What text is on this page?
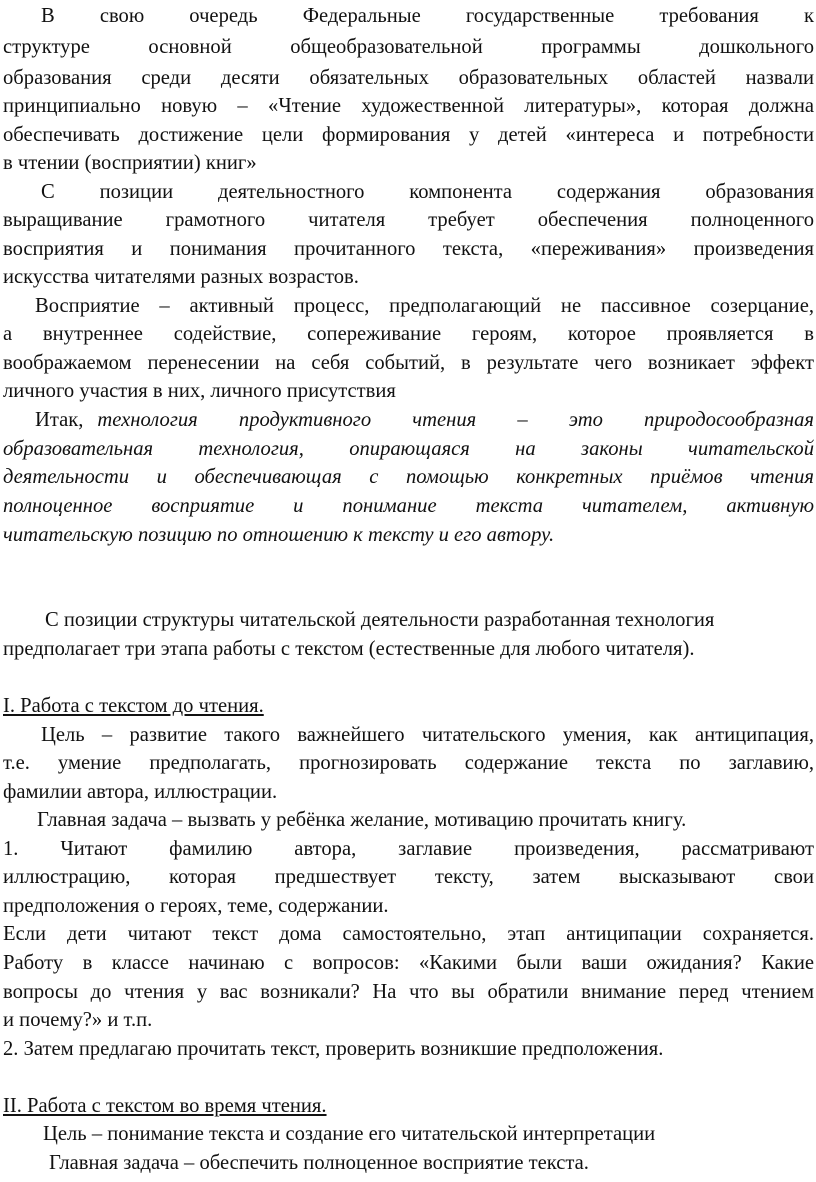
В свою очередь Федеральные государственные требования к
структуре основной общеобразовательной программы дошкольного
образования среди десяти обязательных образовательных областей назвали
принципиально новую – «Чтение художественной литературы», которая должна
обеспечивать достижение цели формирования у детей «интереса и потребности
в чтении (восприятии) книг»
С позиции деятельностного компонента содержания образования
выращивание грамотного читателя требует обеспечения полноценного
восприятия и понимания прочитанного текста, «переживания» произведения
искусства читателями разных возрастов.
Восприятие – активный процесс, предполагающий не пассивное созерцание,
а внутреннее содействие, сопереживание героям, которое проявляется в
воображаемом перенесении на себя событий, в результате чего возникает эффект
личного участия в них, личного присутствия
Итак, технология продуктивного чтения – это природосообразная
образовательная технология, опирающаяся на законы читательской
деятельности и обеспечивающая с помощью конкретных приёмов чтения
полноценное восприятие и понимание текста читателем, активную
читательскую позицию по отношению к тексту и его автору.
С позиции структуры читательской деятельности разработанная технология
предполагает три этапа работы с текстом (естественные для любого читателя).
I. Работа с текстом до чтения.
Цель – развитие такого важнейшего читательского умения, как антиципация,
т.е. умение предполагать, прогнозировать содержание текста по заглавию,
фамилии автора, иллюстрации.
Главная задача – вызвать у ребёнка желание, мотивацию прочитать книгу.
1. Читают фамилию автора, заглавие произведения, рассматривают
иллюстрацию, которая предшествует тексту, затем высказывают свои
предположения о героях, теме, содержании.
Если дети читают текст дома самостоятельно, этап антиципации сохраняется.
Работу в классе начинаю с вопросов: «Какими были ваши ожидания? Какие
вопросы до чтения у вас возникали? На что вы обратили внимание перед чтением
и почему?» и т.п.
2. Затем предлагаю прочитать текст, проверить возникшие предположения.
II. Работа с текстом во время чтения.
Цель – понимание текста и создание его читательской интерпретации
Главная задача – обеспечить полноценное восприятие текста.
